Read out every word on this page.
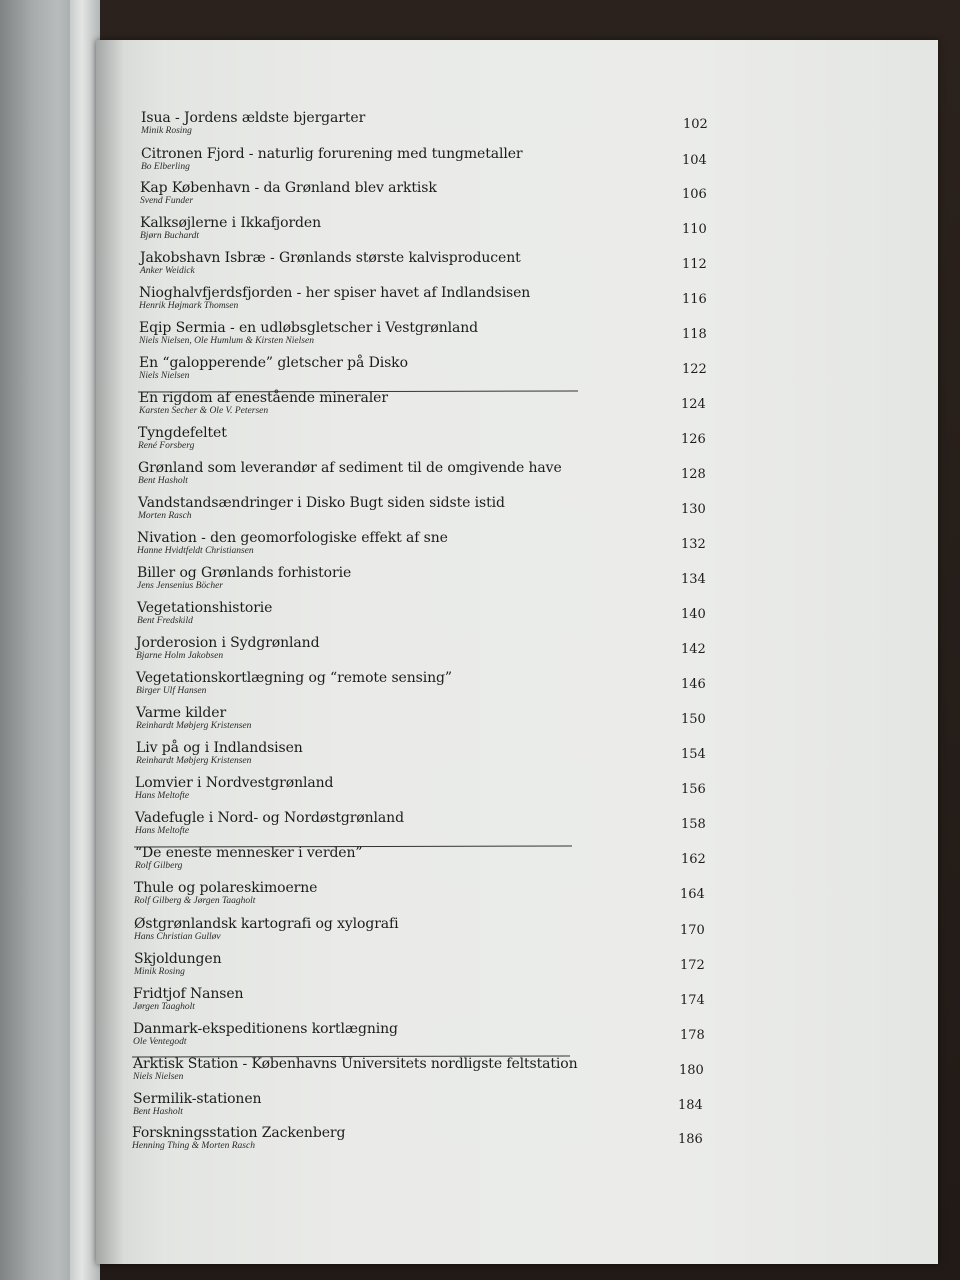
Isua - Jordens ældste bjergarter
Minik Rosing	102
Citronen Fjord - naturlig forurening med tungmetaller
Bo Elberling	104
Kap København - da Grønland blev arktisk
Svend Funder	106
Kalksøjlerne i Ikkafjorden
Bjørn Buchardt	110
Jakobshavn Isbræ - Grønlands største kalvisproducent
Anker Weidick	112
Nioghalvfjerdsfjorden - her spiser havet af Indlandsisen
Henrik Højmark Thomsen	116
Eqip Sermia - en udløbsgletscher i Vestgrønland
Niels Nielsen, Ole Humlum & Kirsten Nielsen	118
En “galopperende” gletscher på Disko
Niels Nielsen	122
En rigdom af enestående mineraler
Karsten Secher & Ole V. Petersen	124
Tyngdefeltet
René Forsberg	126
Grønland som leverandør af sediment til de omgivende have
Bent Hasholt	128
Vandstandsændringer i Disko Bugt siden sidste istid
Morten Rasch	130
Nivation - den geomorfologiske effekt af sne
Hanne Hvidtfeldt Christiansen	132
Biller og Grønlands forhistorie
Jens Jensenius Böcher	134
Vegetationshistorie
Bent Fredskild	140
Jorderosion i Sydgrønland
Bjarne Holm Jakobsen	142
Vegetationskortlægning og “remote sensing”
Birger Ulf Hansen	146
Varme kilder
Reinhardt Møbjerg Kristensen	150
Liv på og i Indlandsisen
Reinhardt Møbjerg Kristensen	154
Lomvier i Nordvestgrønland
Hans Meltofte	156
Vadefugle i Nord- og Nordøstgrønland
Hans Meltofte	158
“De eneste mennesker i verden”
Rolf Gilberg	162
Thule og polareskimoerne
Rolf Gilberg & Jørgen Taagholt	164
Østgrønlandsk kartografi og xylografi
Hans Christian Gulløv	170
Skjoldungen
Minik Rosing	172
Fridtjof Nansen
Jørgen Taagholt	174
Danmark-ekspeditionens kortlægning
Ole Ventegodt	178
Arktisk Station - Københavns Universitets nordligste feltstation
Niels Nielsen	180
Sermilik-stationen
Bent Hasholt	184
Forskningsstation Zackenberg
Henning Thing & Morten Rasch	186
